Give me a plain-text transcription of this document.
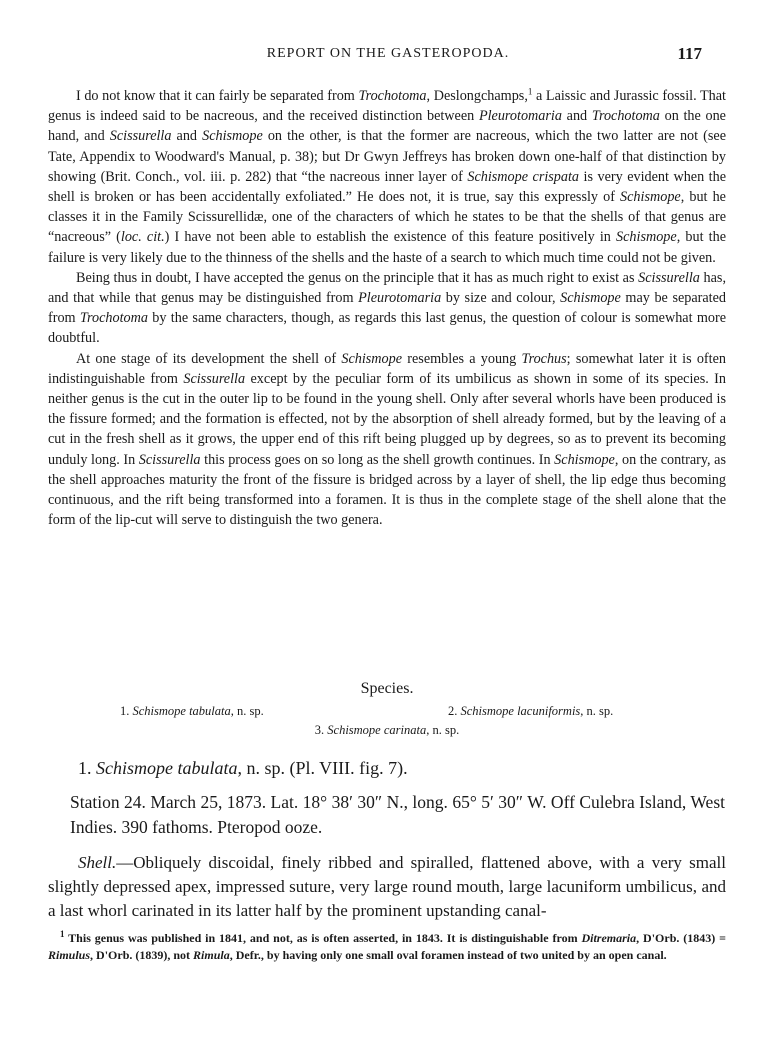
REPORT ON THE GASTEROPODA.	117

I do not know that it can fairly be separated from Trochotoma, Deslongchamps,$^1$ a Laissic and Jurassic fossil. That genus is indeed said to be nacreous, and the received distinction between Pleurotomaria and Trochotoma on the one hand, and Scissurella and Schismope on the other, is that the former are nacreous, which the two latter are not (see Tate, Appendix to Woodward's Manual, p. 38); but Dr Gwyn Jeffreys has broken down one-half of that distinction by showing (Brit. Conch., vol. iii. p. 282) that “the nacreous inner layer of Schismope crispata is very evident when the shell is broken or has been accidentally exfoliated.” He does not, it is true, say this expressly of Schismope, but he classes it in the Family Scissurellidæ, one of the characters of which he states to be that the shells of that genus are “nacreous” (loc. cit.) I have not been able to establish the existence of this feature positively in Schismope, but the failure is very likely due to the thinness of the shells and the haste of a search to which much time could not be given.

Being thus in doubt, I have accepted the genus on the principle that it has as much right to exist as Scissurella has, and that while that genus may be distinguished from Pleurotomaria by size and colour, Schismope may be separated from Trochotoma by the same characters, though, as regards this last genus, the question of colour is somewhat more doubtful.

At one stage of its development the shell of Schismope resembles a young Trochus; somewhat later it is often indistinguishable from Scissurella except by the peculiar form of its umbilicus as shown in some of its species. In neither genus is the cut in the outer lip to be found in the young shell. Only after several whorls have been produced is the fissure formed; and the formation is effected, not by the absorption of shell already formed, but by the leaving of a cut in the fresh shell as it grows, the upper end of this rift being plugged up by degrees, so as to prevent its becoming unduly long. In Scissurella this process goes on so long as the shell growth continues. In Schismope, on the contrary, as the shell approaches maturity the front of the fissure is bridged across by a layer of shell, the lip edge thus becoming continuous, and the rift being transformed into a foramen. It is thus in the complete stage of the shell alone that the form of the lip-cut will serve to distinguish the two genera.

Species.
1. Schismope tabulata, n. sp.	2. Schismope lacuniformis, n. sp.
3. Schismope carinata, n. sp.
1. Schismope tabulata, n. sp. (Pl. VIII. fig. 7).
Station 24. March 25, 1873. Lat. 18° 38′ 30″ N., long. 65° 5′ 30″ W. Off Culebra Island, West Indies. 390 fathoms. Pteropod ooze.
Shell.—Obliquely discoidal, finely ribbed and spiralled, flattened above, with a very small slightly depressed apex, impressed suture, very large round mouth, large lacuniform umbilicus, and a last whorl carinated in its latter half by the prominent upstanding canal-
$^1$ This genus was published in 1841, and not, as is often asserted, in 1843. It is distinguishable from Ditremaria, D'Orb. (1843) = Rimulus, D'Orb. (1839), not Rimula, Defr., by having only one small oval foramen instead of two united by an open canal.
